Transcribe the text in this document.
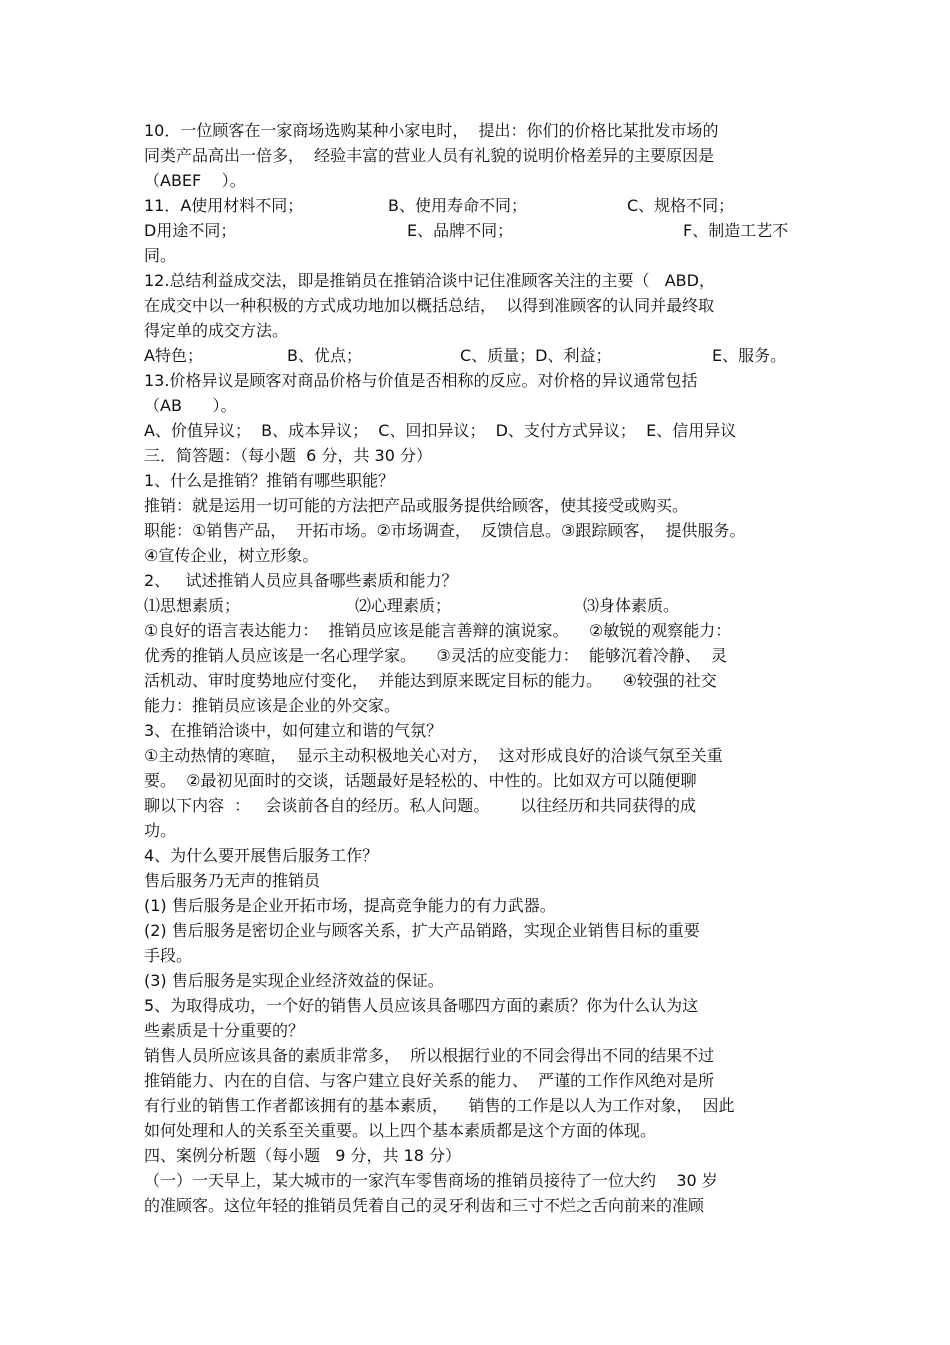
10．一位顾客在一家商场选购某种小家电时，  提出：你们的价格比某批发市场的
同类产品高出一倍多，  经验丰富的营业人员有礼貌的说明价格差异的主要原因是
（ABEF    ）。
11．A使用材料不同；	B、使用寿命不同；	C、规格不同；
D用途不同；	E、品牌不同；	F、制造工艺不
同。
12.总结利益成交法，即是推销员在推销洽谈中记住准顾客关注的主要（   ABD，
在成交中以一种积极的方式成功地加以概括总结，  以得到准顾客的认同并最终取
得定单的成交方法。
A特色；	B、优点；	C、质量；D、利益；	E、服务。
13.价格异议是顾客对商品价格与价值是否相称的反应。对价格的异议通常包括
（AB      ）。
A、价值异议；  B、成本异议；  C、回扣异议；  D、支付方式异议；  E、信用异议
三．简答题：（每小题  6 分，共 30 分）
1、什么是推销？推销有哪些职能？
推销：就是运用一切可能的方法把产品或服务提供给顾客，使其接受或购买。
职能：①销售产品，  开拓市场。②市场调查，  反馈信息。③跟踪顾客，  提供服务。
④宣传企业，树立形象。
2、   试述推销人员应具备哪些素质和能力？
⑴思想素质；	⑵心理素质；	⑶身体素质。
①良好的语言表达能力：  推销员应该是能言善辩的演说家。    ②敏锐的观察能力：
优秀的推销人员应该是一名心理学家。    ③灵活的应变能力：  能够沉着冷静、  灵
活机动、审时度势地应付变化，  并能达到原来既定目标的能力。    ④较强的社交
能力：推销员应该是企业的外交家。
3、在推销洽谈中，如何建立和谐的气氛？
①主动热情的寒暄，  显示主动积极地关心对方，  这对形成良好的洽谈气氛至关重
要。  ②最初见面时的交谈，话题最好是轻松的、中性的。比如双方可以随便聊
聊以下内容  ：   会谈前各自的经历。私人问题。      以往经历和共同获得的成
功。
4、为什么要开展售后服务工作？
售后服务乃无声的推销员
(1) 售后服务是企业开拓市场，提高竞争能力的有力武器。
(2) 售后服务是密切企业与顾客关系，扩大产品销路，实现企业销售目标的重要
手段。
(3) 售后服务是实现企业经济效益的保证。
5、为取得成功，一个好的销售人员应该具备哪四方面的素质？你为什么认为这
些素质是十分重要的？
销售人员所应该具备的素质非常多，  所以根据行业的不同会得出不同的结果不过
推销能力、内在的自信、与客户建立良好关系的能力、  严谨的工作作风绝对是所
有行业的销售工作者都该拥有的基本素质，    销售的工作是以人为工作对象，  因此
如何处理和人的关系至关重要。以上四个基本素质都是这个方面的体现。
四、案例分析题（每小题   9 分，共 18 分）
（一）一天早上，某大城市的一家汽车零售商场的推销员接待了一位大约    30 岁
的准顾客。这位年轻的推销员凭着自己的灵牙利齿和三寸不烂之舌向前来的准顾
